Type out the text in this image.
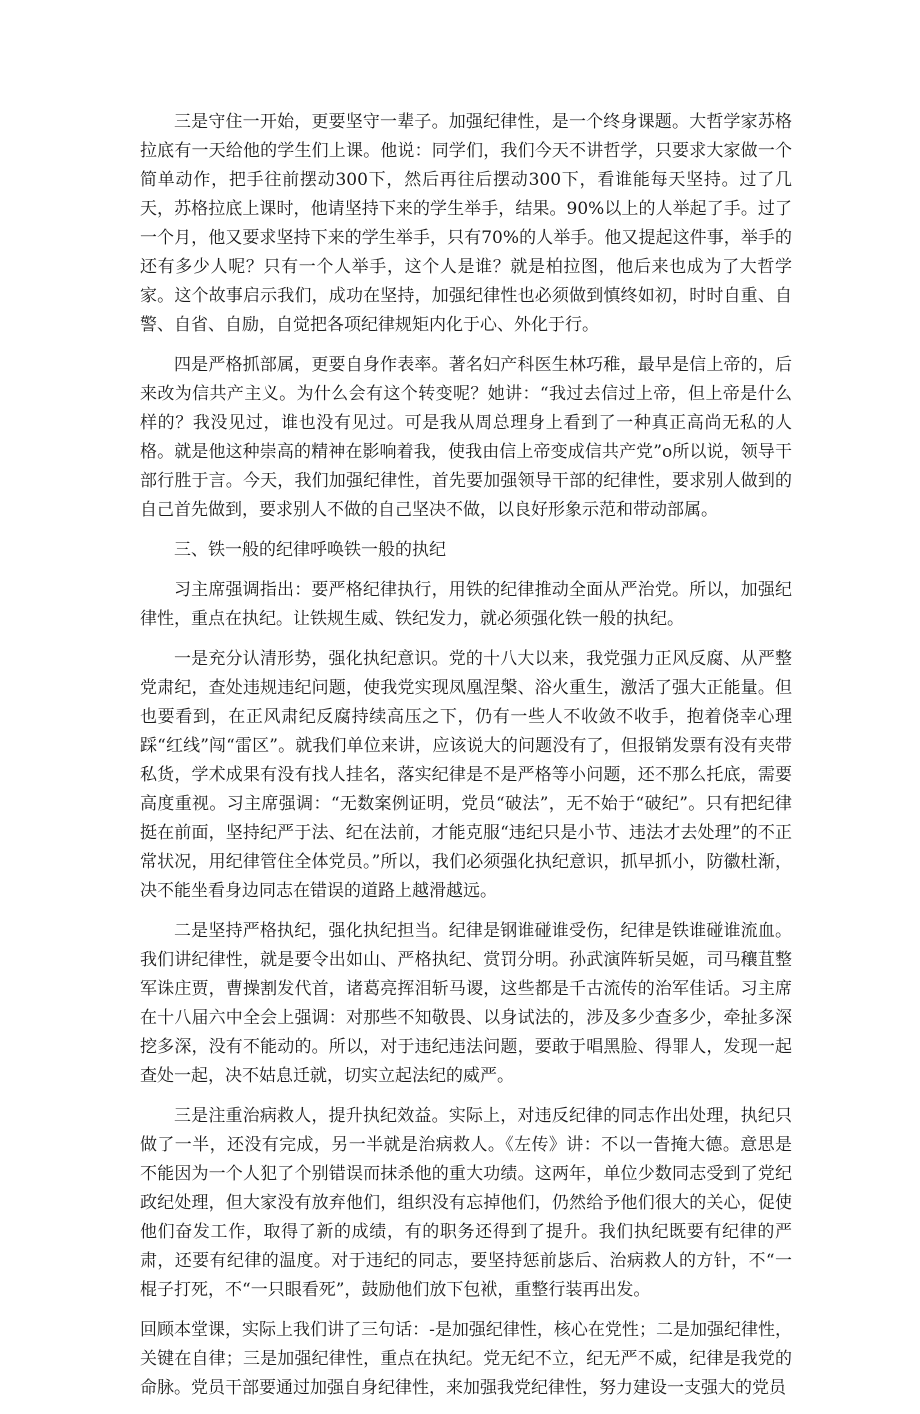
三是守住一开始，更要坚守一辈子。加强纪律性，是一个终身课题。大哲学家苏格拉底有一天给他的学生们上课。他说：同学们，我们今天不讲哲学，只要求大家做一个简单动作，把手往前摆动300下，然后再往后摆动300下，看谁能每天坚持。过了几天，苏格拉底上课时，他请坚持下来的学生举手，结果。90%以上的人举起了手。过了一个月，他又要求坚持下来的学生举手，只有70%的人举手。他又提起这件事，举手的还有多少人呢？只有一个人举手，这个人是谁？就是柏拉图，他后来也成为了大哲学家。这个故事启示我们，成功在坚持，加强纪律性也必须做到慎终如初，时时自重、自警、自省、自励，自觉把各项纪律规矩内化于心、外化于行。

四是严格抓部属，更要自身作表率。著名妇产科医生林巧稚，最早是信上帝的，后来改为信共产主义。为什么会有这个转变呢？她讲：“我过去信过上帝，但上帝是什么样的？我没见过，谁也没有见过。可是我从周总理身上看到了一种真正高尚无私的人格。就是他这种崇高的精神在影响着我，使我由信上帝变成信共产党”o所以说，领导干部行胜于言。今天，我们加强纪律性，首先要加强领导干部的纪律性，要求别人做到的自己首先做到，要求别人不做的自己坚决不做，以良好形象示范和带动部属。

三、铁一般的纪律呼唤铁一般的执纪

习主席强调指出：要严格纪律执行，用铁的纪律推动全面从严治党。所以，加强纪律性，重点在执纪。让铁规生威、铁纪发力，就必须强化铁一般的执纪。

一是充分认清形势，强化执纪意识。党的十八大以来，我党强力正风反腐、从严整党肃纪，查处违规违纪问题，使我党实现凤凰涅槃、浴火重生，激活了强大正能量。但也要看到，在正风肃纪反腐持续高压之下，仍有一些人不收敛不收手，抱着侥幸心理踩“红线”闯“雷区”。就我们单位来讲，应该说大的问题没有了，但报销发票有没有夹带私货，学术成果有没有找人挂名，落实纪律是不是严格等小问题，还不那么托底，需要高度重视。习主席强调：“无数案例证明，党员“破法”，无不始于“破纪”。只有把纪律挺在前面，坚持纪严于法、纪在法前，才能克服“违纪只是小节、违法才去处理”的不正常状况，用纪律管住全体党员。”所以，我们必须强化执纪意识，抓早抓小，防徽杜渐，决不能坐看身边同志在错误的道路上越滑越远。

二是坚持严格执纪，强化执纪担当。纪律是钢谁碰谁受伤，纪律是铁谁碰谁流血。我们讲纪律性，就是要令出如山、严格执纪、赏罚分明。孙武演阵斩吴姬，司马穰苴整军诛庄贾，曹操割发代首，诸葛亮挥泪斩马谡，这些都是千古流传的治军佳话。习主席在十八届六中全会上强调：对那些不知敬畏、以身试法的，涉及多少查多少，牵扯多深挖多深，没有不能动的。所以，对于违纪违法问题，要敢于唱黑脸、得罪人，发现一起查处一起，决不姑息迁就，切实立起法纪的威严。

三是注重治病救人，提升执纪效益。实际上，对违反纪律的同志作出处理，执纪只做了一半，还没有完成，另一半就是治病救人。《左传》讲：不以一眚掩大德。意思是不能因为一个人犯了个别错误而抹杀他的重大功绩。这两年，单位少数同志受到了党纪政纪处理，但大家没有放弃他们，组织没有忘掉他们，仍然给予他们很大的关心，促使他们奋发工作，取得了新的成绩，有的职务还得到了提升。我们执纪既要有纪律的严肃，还要有纪律的温度。对于违纪的同志，要坚持惩前毖后、治病救人的方针，不“一棍子打死，不“一只眼看死”，鼓励他们放下包袱，重整行装再出发。

回顾本堂课，实际上我们讲了三句话：-是加强纪律性，核心在党性；二是加强纪律性，关键在自律；三是加强纪律性，重点在执纪。党无纪不立，纪无严不威，纪律是我党的命脉。党员干部要通过加强自身纪律性，来加强我党纪律性，努力建设一支强大的党员
